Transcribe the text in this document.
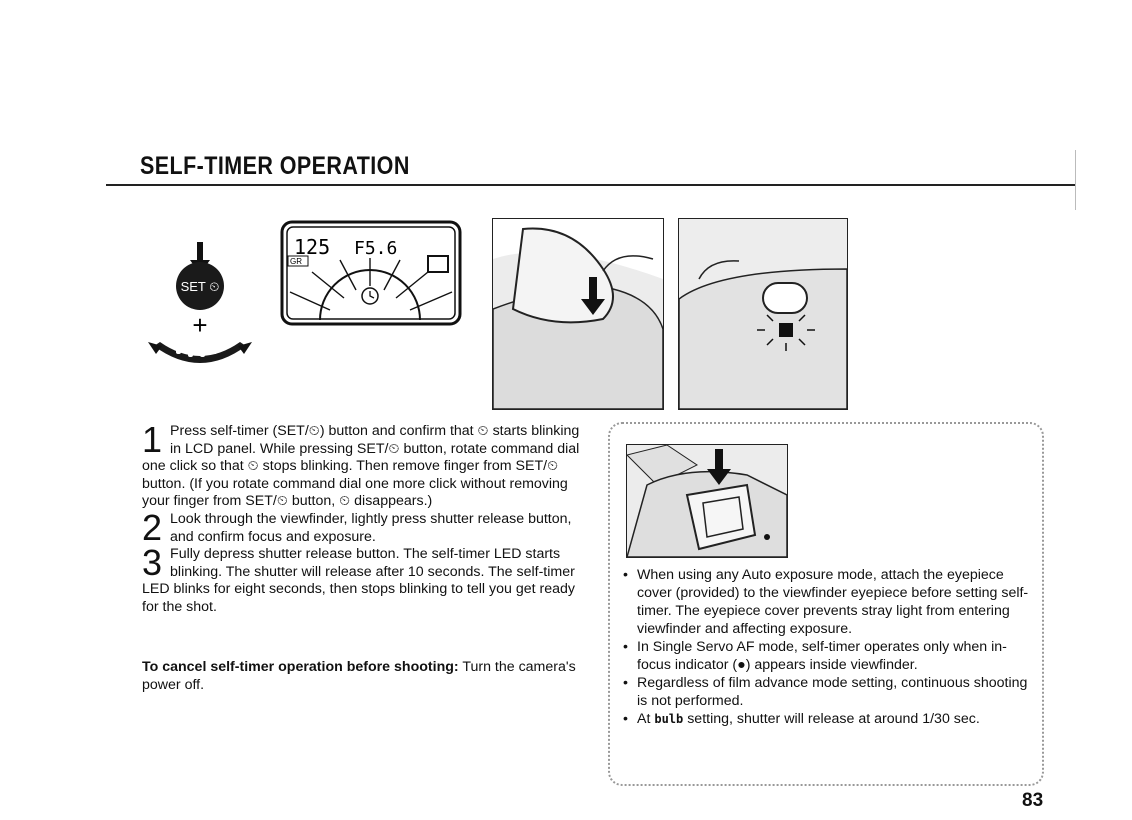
SELF-TIMER OPERATION
SET ⏲
+
125 F5.6
GR

1 Press self-timer (SET/⏲) button and confirm that ⏲ starts blinking in LCD panel. While pressing SET/⏲ button, rotate command dial one click so that ⏲ stops blinking. Then remove finger from SET/⏲ button. (If you rotate command dial one more click without removing your finger from SET/⏲ button, ⏲ disappears.)

2 Look through the viewfinder, lightly press shutter release button, and confirm focus and exposure.

3 Fully depress shutter release button. The self-timer LED starts blinking. The shutter will release after 10 seconds. The self-timer LED blinks for eight seconds, then stops blinking to tell you get ready for the shot.

To cancel self-timer operation before shooting: Turn the camera's power off.
• When using any Auto exposure mode, attach the eyepiece cover (provided) to the viewfinder eyepiece before setting self-timer. The eyepiece cover prevents stray light from entering viewfinder and affecting exposure.
• In Single Servo AF mode, self-timer operates only when in-focus indicator (●) appears inside viewfinder.
• Regardless of film advance mode setting, continuous shooting is not performed.
• At bulb setting, shutter will release at around 1/30 sec.
83
